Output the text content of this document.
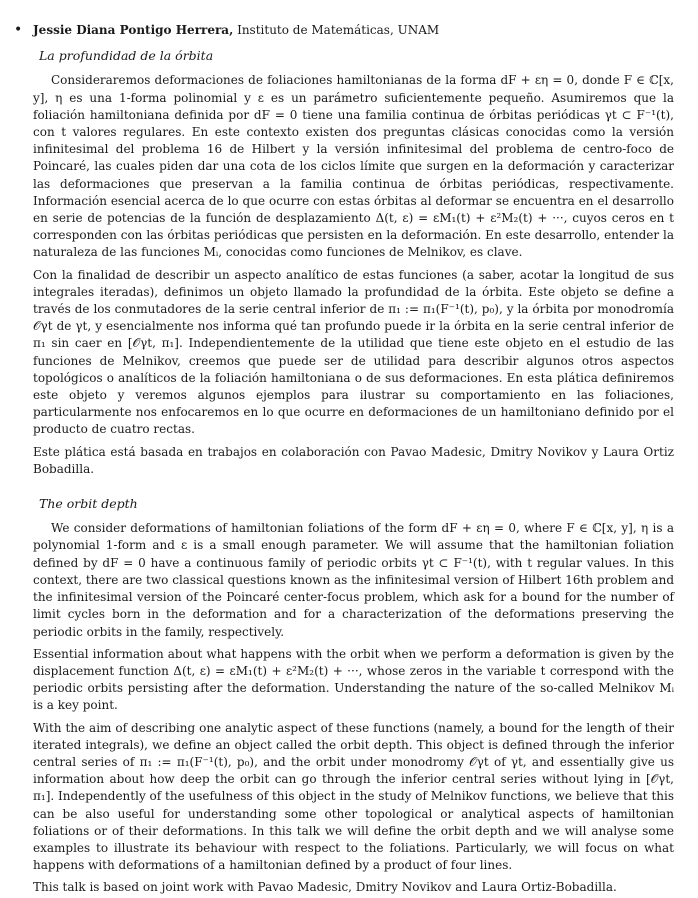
• Jessie Diana Pontigo Herrera, Instituto de Matemáticas, UNAM
La profundidad de la órbita

Consideraremos deformaciones de foliaciones hamiltonianas de la forma dF + εη = 0, donde F ∈ ℂ[x, y], η es una 1-forma polinomial y ε es un parámetro suficientemente pequeño. Asumiremos que la foliación hamiltoniana definida por dF = 0 tiene una familia continua de órbitas periódicas γt ⊂ F⁻¹(t), con t valores regulares. En este contexto existen dos preguntas clásicas conocidas como la versión infinitesimal del problema 16 de Hilbert y la versión infinitesimal del problema de centro-foco de Poincaré, las cuales piden dar una cota de los ciclos límite que surgen en la deformación y caracterizar las deformaciones que preservan a la familia continua de órbitas periódicas, respectivamente. Información esencial acerca de lo que ocurre con estas órbitas al deformar se encuentra en el desarrollo en serie de potencias de la función de desplazamiento Δ(t, ε) = εM₁(t) + ε²M₂(t) + ···, cuyos ceros en t corresponden con las órbitas periódicas que persisten en la deformación. En este desarrollo, entender la naturaleza de las funciones Mᵢ, conocidas como funciones de Melnikov, es clave.

Con la finalidad de describir un aspecto analítico de estas funciones (a saber, acotar la longitud de sus integrales iteradas), definimos un objeto llamado la profundidad de la órbita. Este objeto se define a través de los conmutadores de la serie central inferior de π₁ := π₁(F⁻¹(t), p₀), y la órbita por monodromía 𝒪γt de γt, y esencialmente nos informa qué tan profundo puede ir la órbita en la serie central inferior de π₁ sin caer en [𝒪γt, π₁]. Independientemente de la utilidad que tiene este objeto en el estudio de las funciones de Melnikov, creemos que puede ser de utilidad para describir algunos otros aspectos topológicos o analíticos de la foliación hamiltoniana o de sus deformaciones. En esta plática definiremos este objeto y veremos algunos ejemplos para ilustrar su comportamiento en las foliaciones, particularmente nos enfocaremos en lo que ocurre en deformaciones de un hamiltoniano definido por el producto de cuatro rectas.

Este plática está basada en trabajos en colaboración con Pavao Madesic, Dmitry Novikov y Laura Ortiz Bobadilla.

The orbit depth

We consider deformations of hamiltonian foliations of the form dF + εη = 0, where F ∈ ℂ[x, y], η is a polynomial 1-form and ε is a small enough parameter. We will assume that the hamiltonian foliation defined by dF = 0 have a continuous family of periodic orbits γt ⊂ F⁻¹(t), with t regular values. In this context, there are two classical questions known as the infinitesimal version of Hilbert 16th problem and the infinitesimal version of the Poincaré center-focus problem, which ask for a bound for the number of limit cycles born in the deformation and for a characterization of the deformations preserving the periodic orbits in the family, respectively.

Essential information about what happens with the orbit when we perform a deformation is given by the displacement function Δ(t, ε) = εM₁(t) + ε²M₂(t) + ···, whose zeros in the variable t correspond with the periodic orbits persisting after the deformation. Understanding the nature of the so-called Melnikov Mᵢ is a key point.

With the aim of describing one analytic aspect of these functions (namely, a bound for the length of their iterated integrals), we define an object called the orbit depth. This object is defined through the inferior central series of π₁ := π₁(F⁻¹(t), p₀), and the orbit under monodromy 𝒪γt of γt, and essentially give us information about how deep the orbit can go through the inferior central series without lying in [𝒪γt, π₁]. Independently of the usefulness of this object in the study of Melnikov functions, we believe that this can be also useful for understanding some other topological or analytical aspects of hamiltonian foliations or of their deformations. In this talk we will define the orbit depth and we will analyse some examples to illustrate its behaviour with respect to the foliations. Particularly, we will focus on what happens with deformations of a hamiltonian defined by a product of four lines.

This talk is based on joint work with Pavao Madesic, Dmitry Novikov and Laura Ortiz-Bobadilla.
